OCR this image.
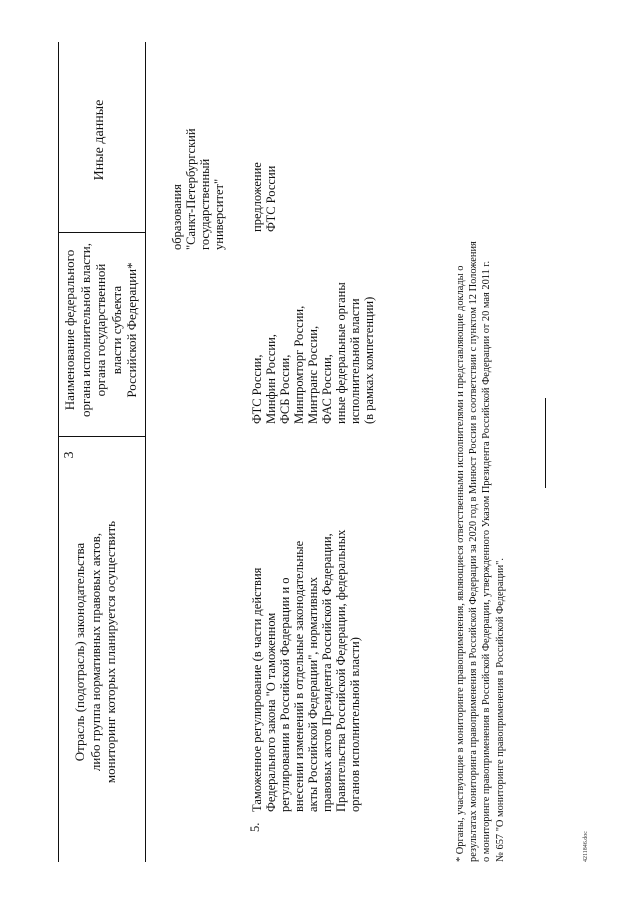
3
Отрасль (подотрасль) законодательства либо группа нормативных правовых актов, мониторинг которых планируется осуществить
Наименование федерального органа исполнительной власти, органа государственной власти субъекта Российской Федерации*
Иные данные
образования "Санкт-Петербургский государственный университет"
5.
Таможенное регулирование (в части действия Федерального закона "О таможенном регулировании в Российской Федерации и о внесении изменений в отдельные законодательные акты Российской Федерации", нормативных правовых актов Президента Российской Федерации, Правительства Российской Федерации, федеральных органов исполнительной власти)
ФТС России, Минфин России, ФСБ России, Минпромторг России, Минтранс России, ФАС России, иные федеральные органы исполнительной власти (в рамках компетенции)
предложение ФТС России
* Органы, участвующие в мониторинге правоприменения, являющиеся ответственными исполнителями и представляющие доклады о результатах мониторинга правоприменения в Российской Федерации за 2020 год в Минюст России в соответствии с пунктом 12 Положения о мониторинге правоприменения в Российской Федерации, утвержденного Указом Президента Российской Федерации от 20 мая 2011 г. № 657 "О мониторинге правоприменения в Российской Федерации".	4211846.doc
